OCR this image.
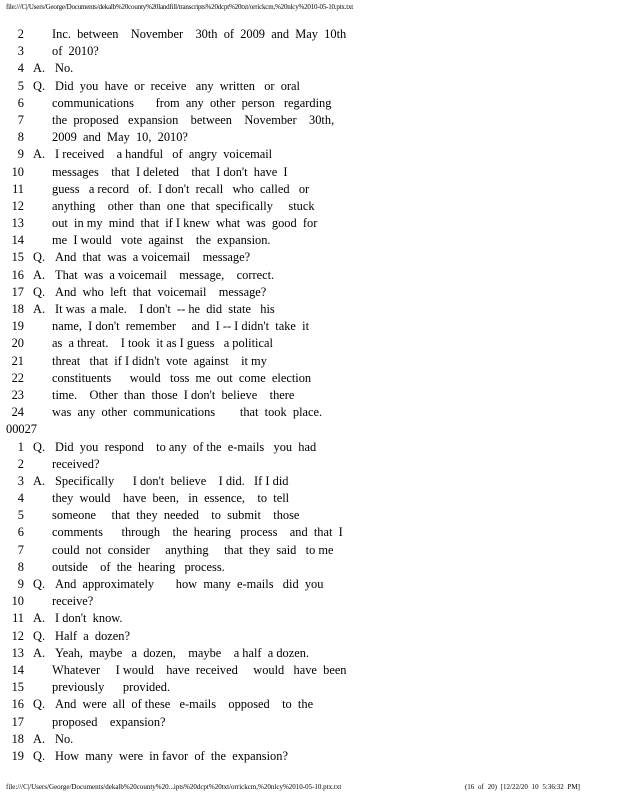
file:///C|/Users/George/Documents/dekalb%20county%20landfill/transcripts%20dcpt%20txt/orrickcm,%20nlcy%2010-05-10.ptx.txt
2 Inc.  between    November    30th  of  2009  and  May  10th
3 of  2010?
4 A. No.
5 Q. Did  you  have  or  receive   any  written   or  oral
6 communications       from  any  other  person   regarding
7 the  proposed   expansion    between    November    30th,
8 2009  and  May  10,  2010?
9 A. I received    a handful   of  angry  voicemail
10 messages    that  I deleted    that  I don't  have  I
11 guess   a record   of.  I don't  recall   who  called   or
12 anything    other  than  one  that  specifically     stuck
13 out  in my  mind  that  if I knew  what  was  good  for
14 me  I would   vote  against    the  expansion.
15 Q. And  that  was  a voicemail    message?
16 A. That  was  a voicemail    message,    correct.
17 Q. And  who  left  that  voicemail    message?
18 A. It was  a male.    I don't  -- he  did  state   his
19 name,  I don't  remember     and  I -- I didn't  take  it
20 as  a threat.    I took  it as I guess   a political
21 threat   that  if I didn't  vote  against    it my
22 constituents      would   toss  me  out  come  election
23 time.    Other  than  those  I don't  believe    there
24 was  any  other  communications        that  took  place.
00027
1 Q. Did  you  respond    to any  of the  e-mails   you  had
2 received?
3 A. Specifically      I don't  believe    I did.   If I did
4 they  would    have  been,   in  essence,    to  tell
5 someone     that  they  needed    to  submit    those
6 comments      through    the  hearing   process    and  that  I
7 could  not  consider     anything     that  they  said   to me
8 outside    of  the  hearing   process.
9 Q. And  approximately       how  many  e-mails   did  you
10 receive?
11 A. I don't  know.
12 Q. Half  a  dozen?
13 A. Yeah,  maybe   a  dozen,    maybe    a half  a dozen.
14 Whatever     I would    have  received     would   have  been
15 previously      provided.
16 Q. And  were  all  of these   e-mails    opposed    to  the
17 proposed    expansion?
18 A. No.
19 Q. How  many  were  in favor  of  the  expansion?
file:///C|/Users/George/Documents/dekalb%20county%20...ipts%20dcpt%20txt/orrickcm,%20nlcy%2010-05-10.ptx.txt	(16 of 20) [12/22/20 10 5:36:32 PM]
